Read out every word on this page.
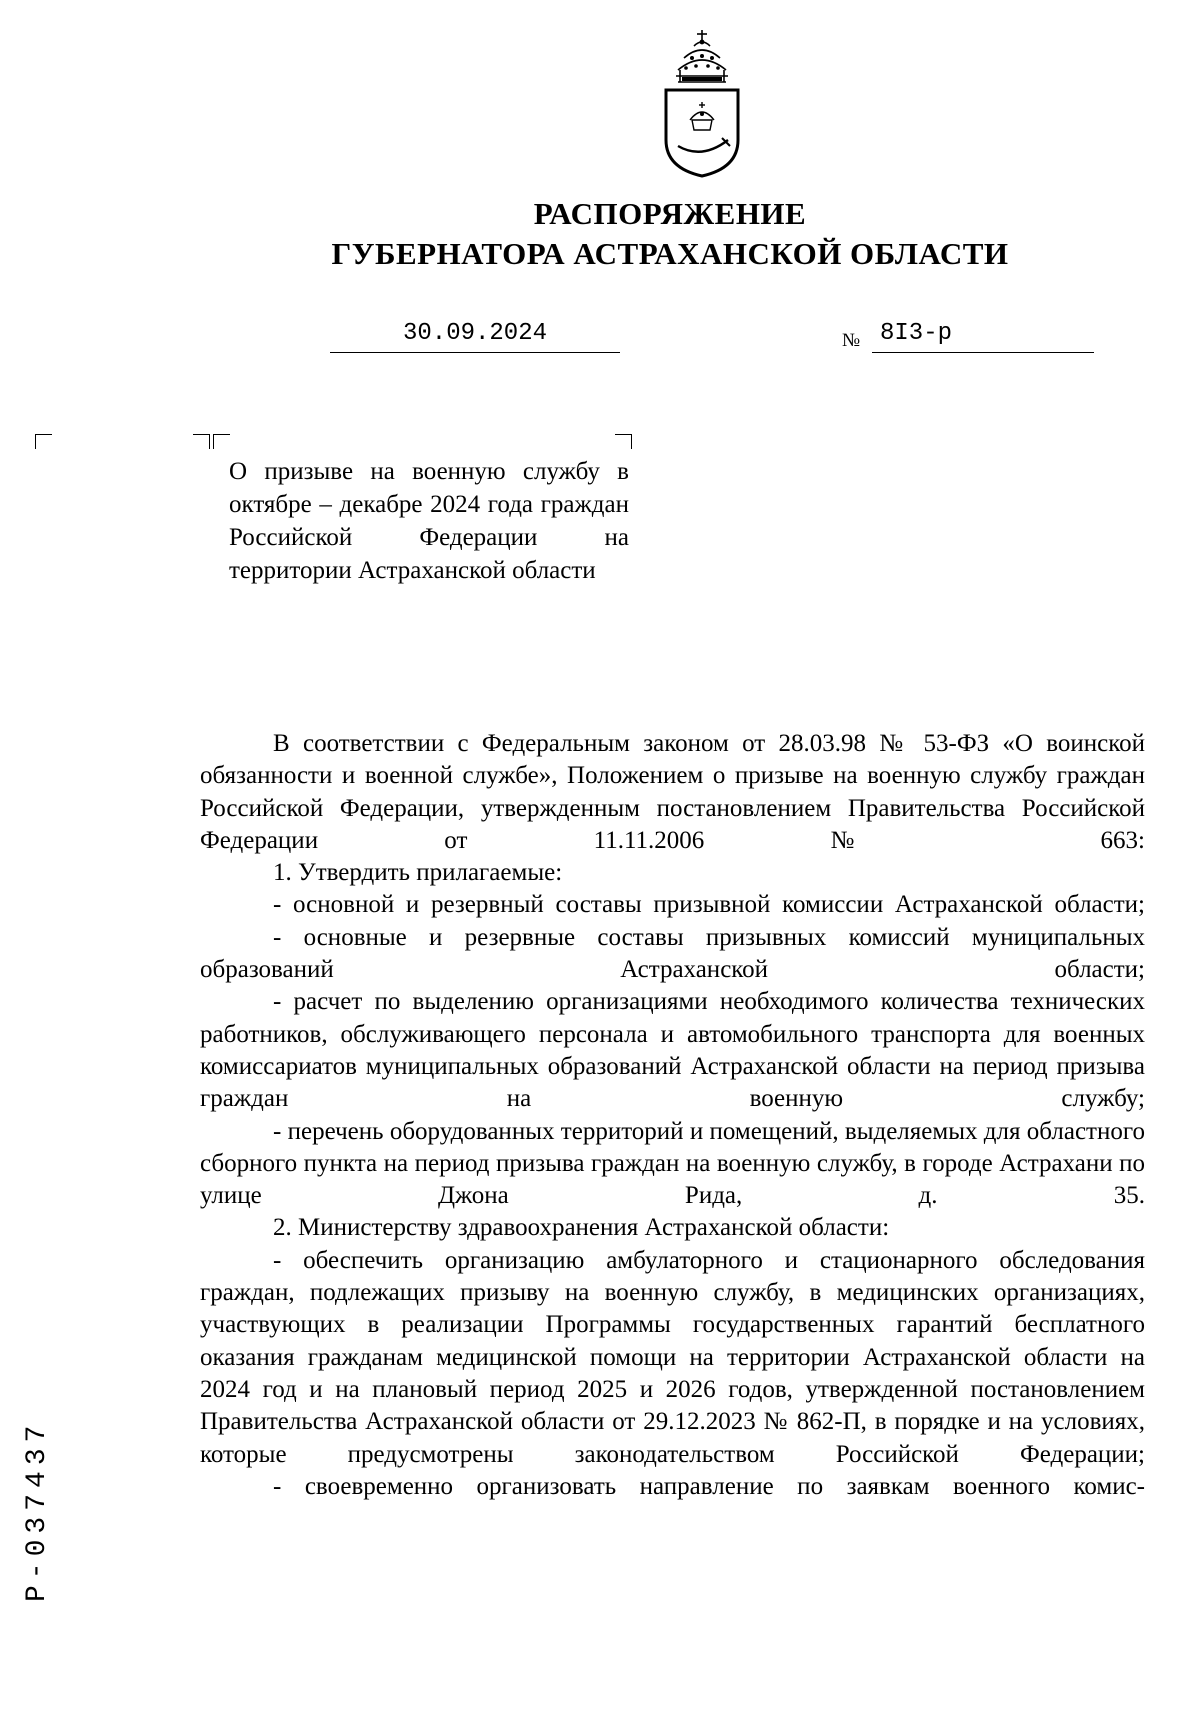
РАСПОРЯЖЕНИЕ
ГУБЕРНАТОРА АСТРАХАНСКОЙ ОБЛАСТИ
30.09.2024	№ 8I3-р
О призыве на военную службу в октябре – декабре 2024 года граждан Российской Федерации на территории Астраханской области

В соответствии с Федеральным законом от 28.03.98 № 53-ФЗ «О воинской обязанности и военной службе», Положением о призыве на военную службу граждан Российской Федерации, утвержденным постановлением Правительства Российской Федерации от 11.11.2006 № 663:

1. Утвердить прилагаемые:

- основной и резервный составы призывной комиссии Астраханской области;

- основные и резервные составы призывных комиссий муниципальных образований Астраханской области;

- расчет по выделению организациями необходимого количества технических работников, обслуживающего персонала и автомобильного транспорта для военных комиссариатов муниципальных образований Астраханской области на период призыва граждан на военную службу;

- перечень оборудованных территорий и помещений, выделяемых для областного сборного пункта на период призыва граждан на военную службу, в городе Астрахани по улице Джона Рида, д. 35.

2. Министерству здравоохранения Астраханской области:

- обеспечить организацию амбулаторного и стационарного обследования граждан, подлежащих призыву на военную службу, в медицинских организациях, участвующих в реализации Программы государственных гарантий бесплатного оказания гражданам медицинской помощи на территории Астраханской области на 2024 год и на плановый период 2025 и 2026 годов, утвержденной постановлением Правительства Астраханской области от 29.12.2023 № 862-П, в порядке и на условиях, которые предусмотрены законодательством Российской Федерации;

- своевременно организовать направление по заявкам военного комис-

Р-037437
